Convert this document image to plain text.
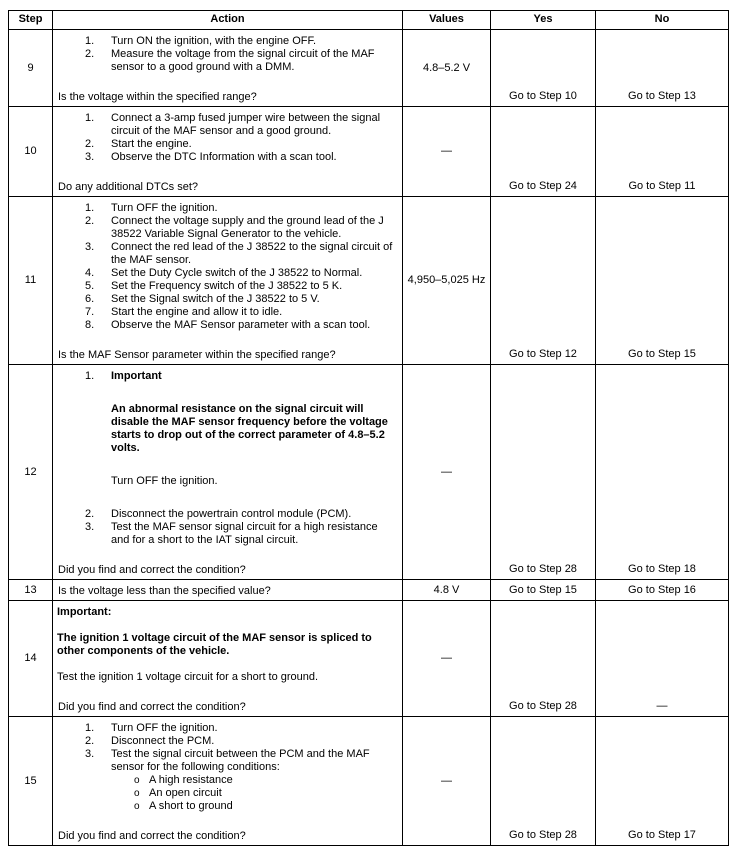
Step	Action	Values	Yes	No
9	1. Turn ON the ignition, with the engine OFF.
2. Measure the voltage from the signal circuit of the MAF sensor to a good ground with a DMM.
Is the voltage within the specified range?	4.8–5.2 V	Go to Step 10	Go to Step 13
10	
1.	Connect a 3-amp fused jumper wire between the signal circuit of the MAF sensor and a good ground.
2.	Start the engine.
3.	Observe the DTC Information with a scan tool.
Do any additional DTCs set?
	—	Go to Step 24	Go to Step 11
11	
1.	Turn OFF the ignition.
2.	Connect the voltage supply and the ground lead of the J 38522 Variable Signal Generator to the vehicle.
3.	Connect the red lead of the J 38522 to the signal circuit of the MAF sensor.
4.	Set the Duty Cycle switch of the J 38522 to Normal.
5.	Set the Frequency switch of the J 38522 to 5 K.
6.	Set the Signal switch of the J 38522 to 5 V.
7.	Start the engine and allow it to idle.
8.	Observe the MAF Sensor parameter with a scan tool.
Is the MAF Sensor parameter within the specified range?
	4,950–5,025 Hz	Go to Step 12	Go to Step 15
12	
1.	Important
An abnormal resistance on the signal circuit will disable the MAF sensor frequency before the voltage starts to drop out of the correct parameter of 4.8–5.2 volts.
Turn OFF the ignition.
2.	Disconnect the powertrain control module (PCM).
3.	Test the MAF sensor signal circuit for a high resistance and for a short to the IAT signal circuit.
Did you find and correct the condition?
	—	Go to Step 28	Go to Step 18
13	Is the voltage less than the specified value?	4.8 V	Go to Step 15	Go to Step 16
14	Important:
The ignition 1 voltage circuit of the MAF sensor is spliced to other components of the vehicle.
Test the ignition 1 voltage circuit for a short to ground.
Did you find and correct the condition?	—	Go to Step 28	—
15	
1.	Turn OFF the ignition.
2.	Disconnect the PCM.
3.	Test the signal circuit between the PCM and the MAF sensor for the following conditions:
o A high resistance
o An open circuit
o A short to ground
Did you find and correct the condition?
	—	Go to Step 28	Go to Step 17
